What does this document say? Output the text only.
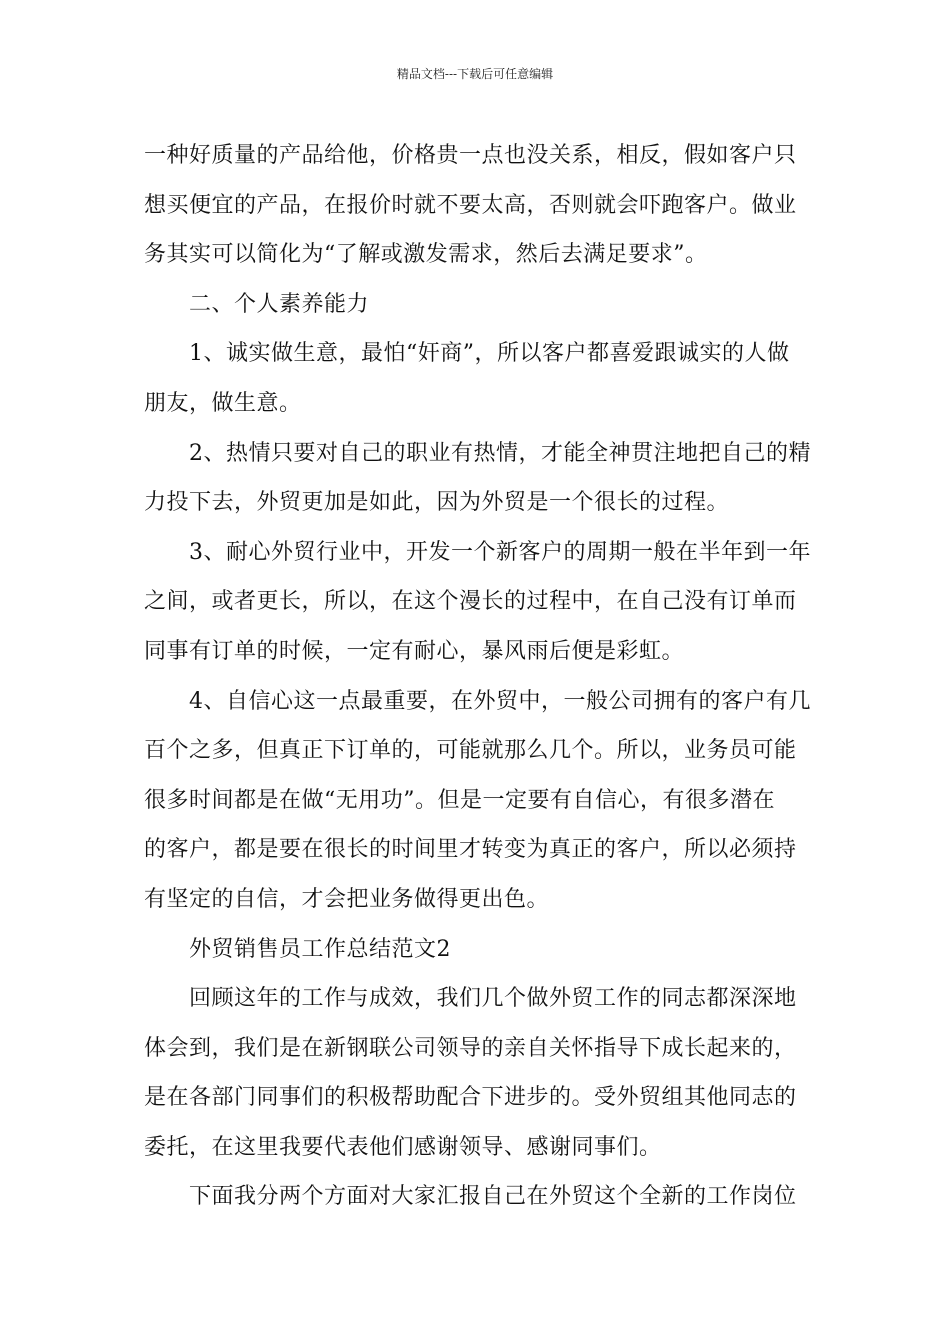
精品文档---下载后可任意编辑
一种好质量的产品给他，价格贵一点也没关系，相反，假如客户只
想买便宜的产品，在报价时就不要太高，否则就会吓跑客户。做业
务其实可以简化为“了解或激发需求，然后去满足要求”。
二、个人素养能力
1、诚实做生意，最怕“奸商”，所以客户都喜爱跟诚实的人做
朋友，做生意。
2、热情只要对自己的职业有热情，才能全神贯注地把自己的精
力投下去，外贸更加是如此，因为外贸是一个很长的过程。
3、耐心外贸行业中，开发一个新客户的周期一般在半年到一年
之间，或者更长，所以，在这个漫长的过程中，在自己没有订单而
同事有订单的时候，一定有耐心，暴风雨后便是彩虹。
4、自信心这一点最重要，在外贸中，一般公司拥有的客户有几
百个之多，但真正下订单的，可能就那么几个。所以，业务员可能
很多时间都是在做“无用功”。但是一定要有自信心，有很多潜在
的客户，都是要在很长的时间里才转变为真正的客户，所以必须持
有坚定的自信，才会把业务做得更出色。
外贸销售员工作总结范文2
回顾这年的工作与成效，我们几个做外贸工作的同志都深深地
体会到，我们是在新钢联公司领导的亲自关怀指导下成长起来的，
是在各部门同事们的积极帮助配合下进步的。受外贸组其他同志的
委托，在这里我要代表他们感谢领导、感谢同事们。
下面我分两个方面对大家汇报自己在外贸这个全新的工作岗位
